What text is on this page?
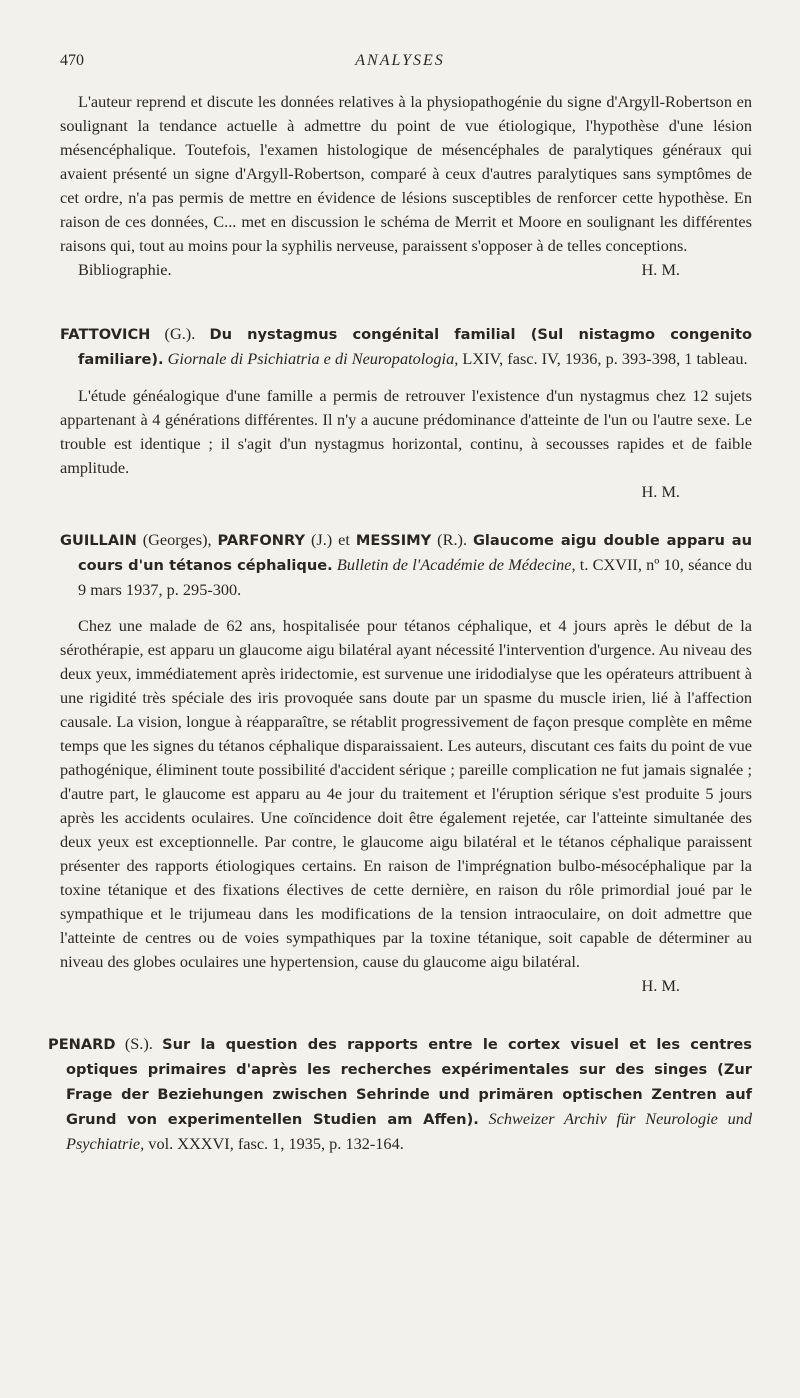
470	ANALYSES

L'auteur reprend et discute les données relatives à la physiopathogénie du signe d'Argyll-Robertson en soulignant la tendance actuelle à admettre du point de vue étiologique, l'hypothèse d'une lésion mésencéphalique. Toutefois, l'examen histologique de mésencéphales de paralytiques généraux qui avaient présenté un signe d'Argyll-Robertson, comparé à ceux d'autres paralytiques sans symptômes de cet ordre, n'a pas permis de mettre en évidence de lésions susceptibles de renforcer cette hypothèse. En raison de ces données, C... met en discussion le schéma de Merrit et Moore en soulignant les différentes raisons qui, tout au moins pour la syphilis nerveuse, paraissent s'opposer à de telles conceptions.

Bibliographie.	H. M.

FATTOVICH (G.). Du nystagmus congénital familial (Sul nistagmo congenito familiare). Giornale di Psichiatria e di Neuropatologia, LXIV, fasc. IV, 1936, p. 393-398, 1 tableau.

L'étude généalogique d'une famille a permis de retrouver l'existence d'un nystagmus chez 12 sujets appartenant à 4 générations différentes. Il n'y a aucune prédominance d'atteinte de l'un ou l'autre sexe. Le trouble est identique ; il s'agit d'un nystagmus horizontal, continu, à secousses rapides et de faible amplitude.

H. M.

GUILLAIN (Georges), PARFONRY (J.) et MESSIMY (R.). Glaucome aigu double apparu au cours d'un tétanos céphalique. Bulletin de l'Académie de Médecine, t. CXVII, nº 10, séance du 9 mars 1937, p. 295-300.

Chez une malade de 62 ans, hospitalisée pour tétanos céphalique, et 4 jours après le début de la sérothérapie, est apparu un glaucome aigu bilatéral ayant nécessité l'intervention d'urgence. Au niveau des deux yeux, immédiatement après iridectomie, est survenue une iridodialyse que les opérateurs attribuent à une rigidité très spéciale des iris provoquée sans doute par un spasme du muscle irien, lié à l'affection causale. La vision, longue à réapparaître, se rétablit progressivement de façon presque complète en même temps que les signes du tétanos céphalique disparaissaient. Les auteurs, discutant ces faits du point de vue pathogénique, éliminent toute possibilité d'accident sérique ; pareille complication ne fut jamais signalée ; d'autre part, le glaucome est apparu au 4e jour du traitement et l'éruption sérique s'est produite 5 jours après les accidents oculaires. Une coïncidence doit être également rejetée, car l'atteinte simultanée des deux yeux est exceptionnelle. Par contre, le glaucome aigu bilatéral et le tétanos céphalique paraissent présenter des rapports étiologiques certains. En raison de l'imprégnation bulbo-mésocéphalique par la toxine tétanique et des fixations électives de cette dernière, en raison du rôle primordial joué par le sympathique et le trijumeau dans les modifications de la tension intraoculaire, on doit admettre que l'atteinte de centres ou de voies sympathiques par la toxine tétanique, soit capable de déterminer au niveau des globes oculaires une hypertension, cause du glaucome aigu bilatéral.

H. M.

PENARD (S.). Sur la question des rapports entre le cortex visuel et les centres optiques primaires d'après les recherches expérimentales sur des singes (Zur Frage der Beziehungen zwischen Sehrinde und primären optischen Zentren auf Grund von experimentellen Studien am Affen). Schweizer Archiv für Neurologie und Psychiatrie, vol. XXXVI, fasc. 1, 1935, p. 132-164.
